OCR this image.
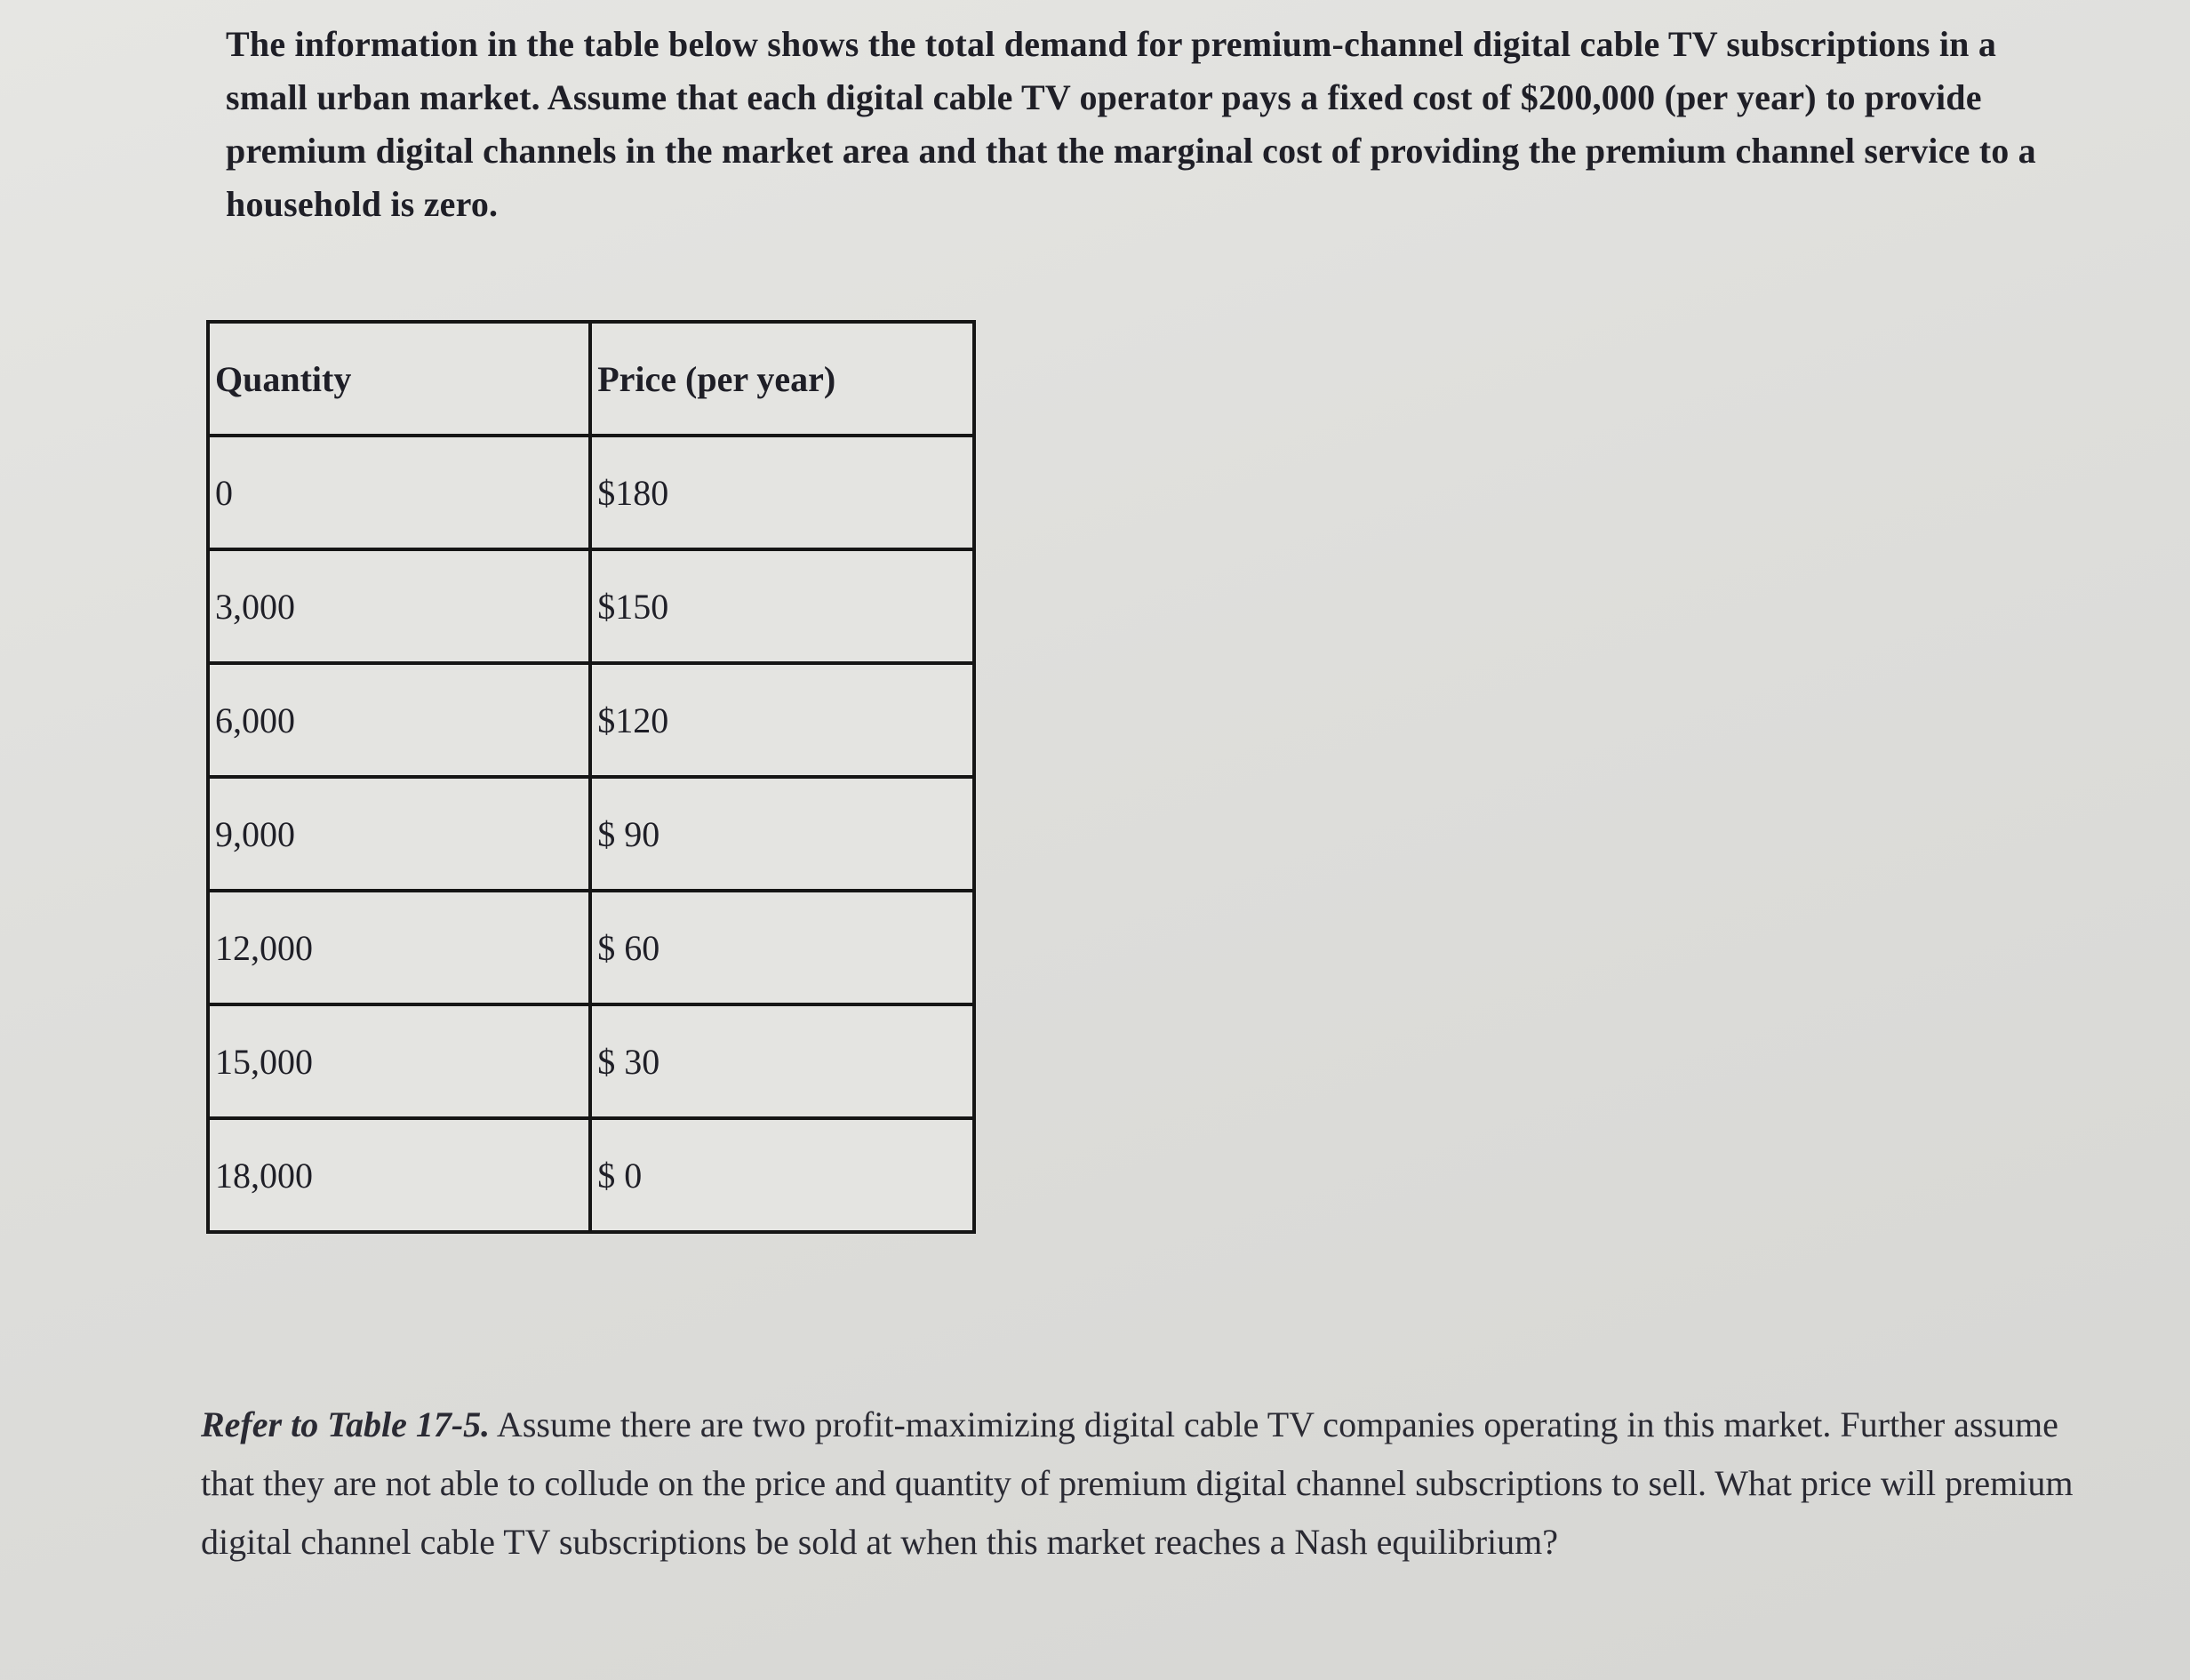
The information in the table below shows the total demand for premium-channel digital cable TV subscriptions in a small urban market. Assume that each digital cable TV operator pays a fixed cost of $200,000 (per year) to provide premium digital channels in the market area and that the marginal cost of providing the premium channel service to a household is zero.

Quantity	Price (per year)
0	$180
3,000	$150
6,000	$120
9,000	$ 90
12,000	$ 60
15,000	$ 30
18,000	$ 0

Refer to Table 17-5. Assume there are two profit-maximizing digital cable TV companies operating in this market. Further assume that they are not able to collude on the price and quantity of premium digital channel subscriptions to sell. What price will premium digital channel cable TV subscriptions be sold at when this market reaches a Nash equilibrium?
